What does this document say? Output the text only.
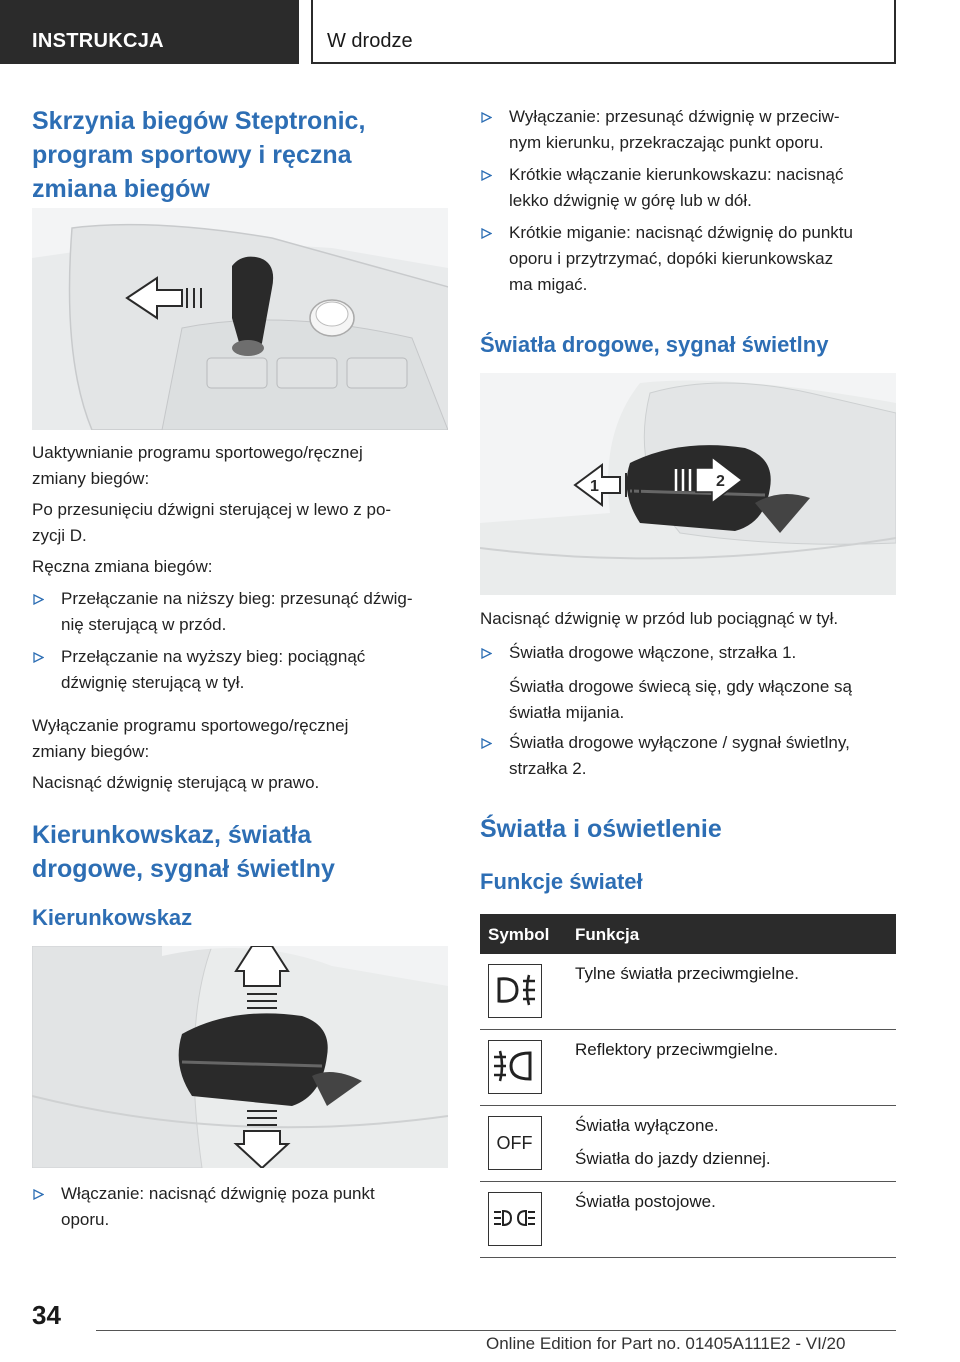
INSTRUKCJA	W drodze
Skrzynia biegów Steptronic,
program sportowy i ręczna
zmiana biegów
Uaktywnianie programu sportowego/ręcznej
zmiany biegów:
Po przesunięciu dźwigni sterującej w lewo z po-
zycji D.
Ręczna zmiana biegów:
Przełączanie na niższy bieg: przesunąć dźwig-
nię sterującą w przód.
Przełączanie na wyższy bieg: pociągnąć
dźwignię sterującą w tył.
Wyłączanie programu sportowego/ręcznej
zmiany biegów:
Nacisnąć dźwignię sterującą w prawo.
Kierunkowskaz, światła
drogowe, sygnał świetlny
Kierunkowskaz
Włączanie: nacisnąć dźwignię poza punkt
oporu.
Wyłączanie: przesunąć dźwignię w przeciw-
nym kierunku, przekraczając punkt oporu.
Krótkie włączanie kierunkowskazu: nacisnąć
lekko dźwignię w górę lub w dół.
Krótkie miganie: nacisnąć dźwignię do punktu
oporu i przytrzymać, dopóki kierunkowskaz
ma migać.
Światła drogowe, sygnał świetlny
1	2
Nacisnąć dźwignię w przód lub pociągnąć w tył.
Światła drogowe włączone, strzałka 1.
Światła drogowe świecą się, gdy włączone są
światła mijania.
Światła drogowe wyłączone / sygnał świetlny,
strzałka 2.
Światła i oświetlenie
Funkcje świateł
Symbol Funkcja
Tylne światła przeciwmgielne.
Reflektory przeciwmgielne.
OFF
Światła wyłączone.
Światła do jazdy dziennej.
Światła postojowe.
34
Online Edition for Part no. 01405A111E2 - VI/20
